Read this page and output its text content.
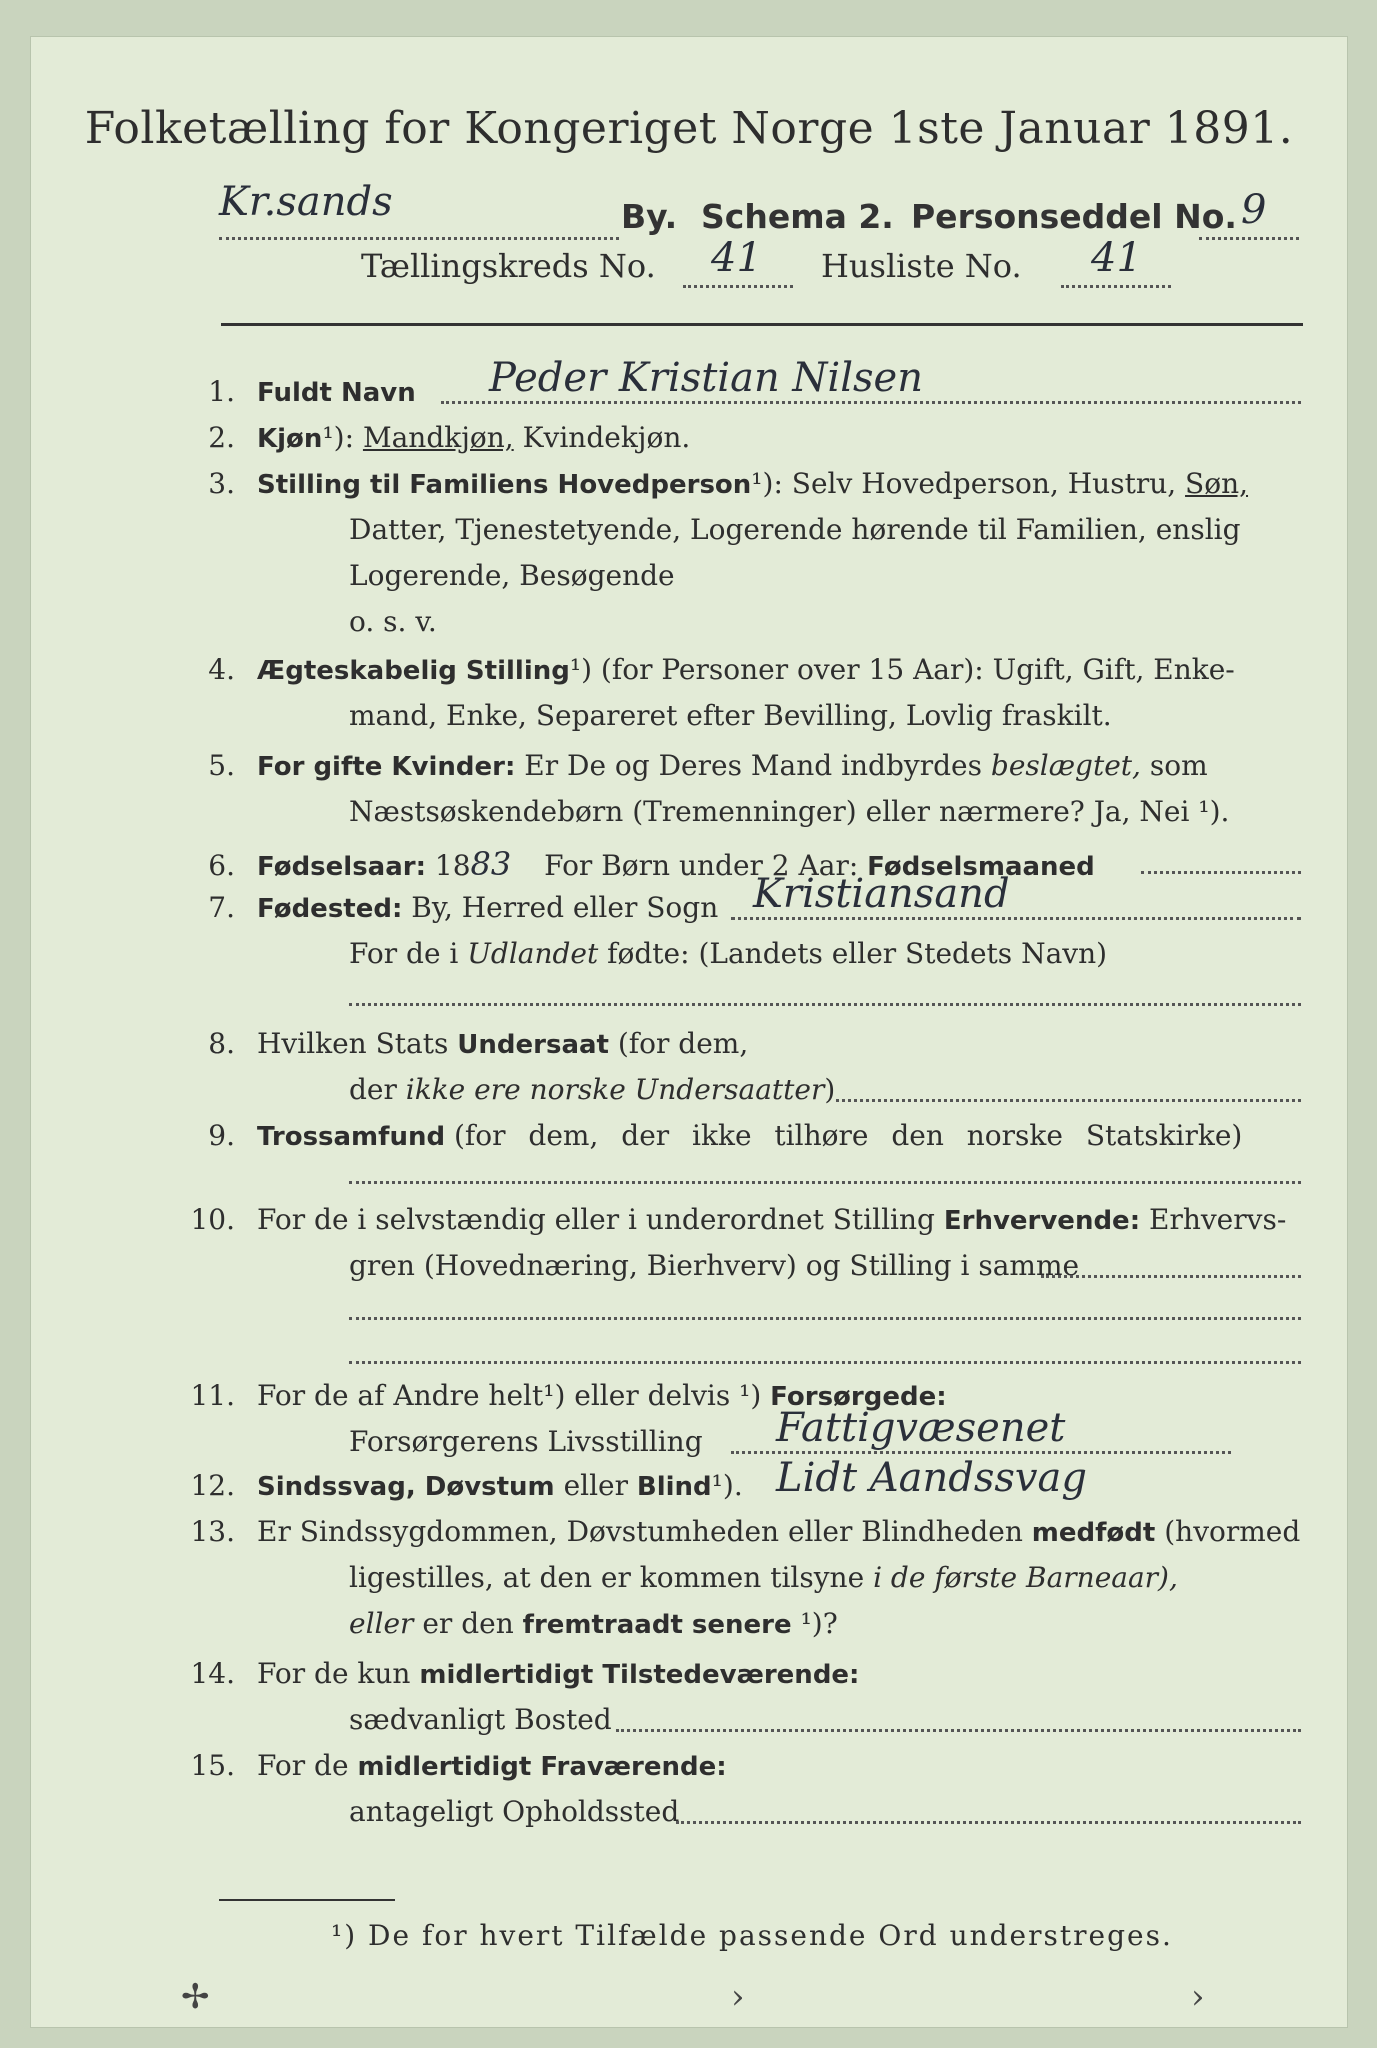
Folketælling for Kongeriget Norge 1ste Januar 1891.
Kr.sands	By. Schema 2. Personseddel No. 9
Tællingskreds No. 41 Husliste No. 41
1. Fuldt Navn Peder Kristian Nilsen
2. Kjøn¹): Mandkjøn, Kvindekjøn.
3. Stilling til Familiens Hovedperson¹): Selv Hovedperson, Hustru, Søn,
Datter, Tjenestetyende, Logerende hørende til Familien, enslig
Logerende, Besøgende
o. s. v.
4. Ægteskabelig Stilling¹) (for Personer over 15 Aar): Ugift, Gift, Enke-
mand, Enke, Separeret efter Bevilling, Lovlig fraskilt.
5. For gifte Kvinder: Er De og Deres Mand indbyrdes beslægtet, som
Næstsøskendebørn (Tremenninger) eller nærmere? Ja, Nei ¹).
6. Fødselsaar: 1883 For Børn under 2 Aar: Fødselsmaaned
7. Fødested: By, Herred eller Sogn Kristiansand
For de i Udlandet fødte: (Landets eller Stedets Navn)
8. Hvilken Stats Undersaat (for dem,
der ikke ere norske Undersaatter)
9. Trossamfund (for dem, der ikke tilhøre den norske Statskirke)
10. For de i selvstændig eller i underordnet Stilling Erhvervende: Erhvervs-
gren (Hovednæring, Bierhverv) og Stilling i samme
11. For de af Andre helt¹) eller delvis ¹) Forsørgede:
Forsørgerens Livsstilling Fattigvæsenet
12. Sindssvag, Døvstum eller Blind¹). Lidt Aandssvag
13. Er Sindssygdommen, Døvstumheden eller Blindheden medfødt (hvormed
ligestilles, at den er kommen tilsyne i de første Barneaar),
eller er den fremtraadt senere ¹)?
14. For de kun midlertidigt Tilstedeværende:
sædvanligt Bosted
15. For de midlertidigt Fraværende:
antageligt Opholdssted
¹) De for hvert Tilfælde passende Ord understreges.
✢	›	›
